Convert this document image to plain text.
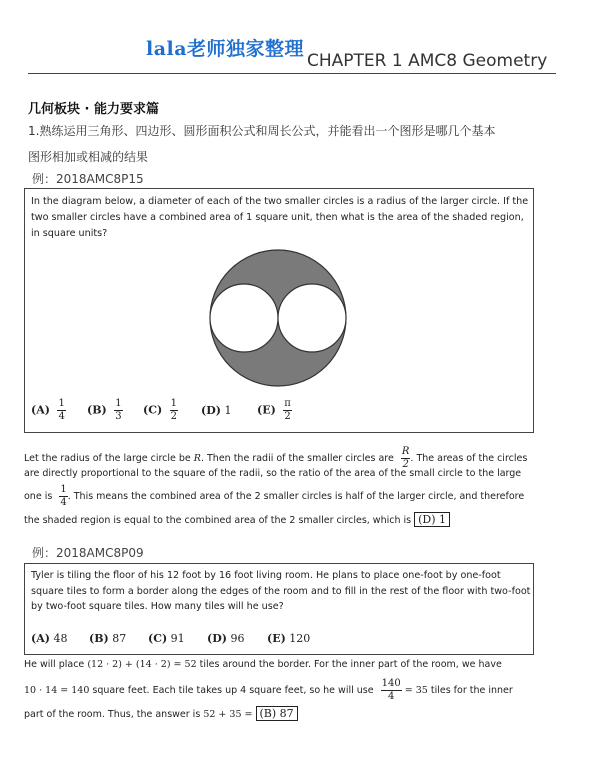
lala老师独家整理
CHAPTER 1 AMC8 Geometry
几何板块 · 能力要求篇
1.熟练运用三角形、四边形、圆形面积公式和周长公式，并能看出一个图形是哪几个基本
图形相加或相减的结果
例：2018AMC8P15
In the diagram below, a diameter of each of the two smaller circles is a radius of the larger circle. If the two smaller circles have a combined area of 1 square unit, then what is the area of the shaded region, in square units?
$(A) \frac{1}{4} (B) \frac{1}{3} (C) \frac{1}{2} (D)$ 1 $(E) \frac{\pi}{2}$
Let the radius of the large circle be R. Then the radii of the smaller circles are $\frac{R}{2}$ . The areas of the circles
are directly proportional to the square of the radii, so the ratio of the area of the small circle to the large
one is $\frac{1}{4}$ . This means the combined area of the 2 smaller circles is half of the larger circle, and therefore
the shaded region is equal to the combined area of the 2 smaller circles, which is (D) 1
例：2018AMC8P09
Tyler is tiling the floor of his 12 foot by 16 foot living room. He plans to place one-foot by one-foot square tiles to form a border along the edges of the room and to fill in the rest of the floor with two-foot by two-foot square tiles. How many tiles will he use?
(A) 48 (B) 87 (C) 91 (D) 96 (E) 120
He will place (12 · 2) + (14 · 2) = 52 tiles around the border. For the inner part of the room, we have
10 · 14 = 140 square feet. Each tile takes up 4 square feet, so he will use $\frac{140}{4} = 35$ tiles for the inner
part of the room. Thus, the answer is 52 + 35 = (B) 87
